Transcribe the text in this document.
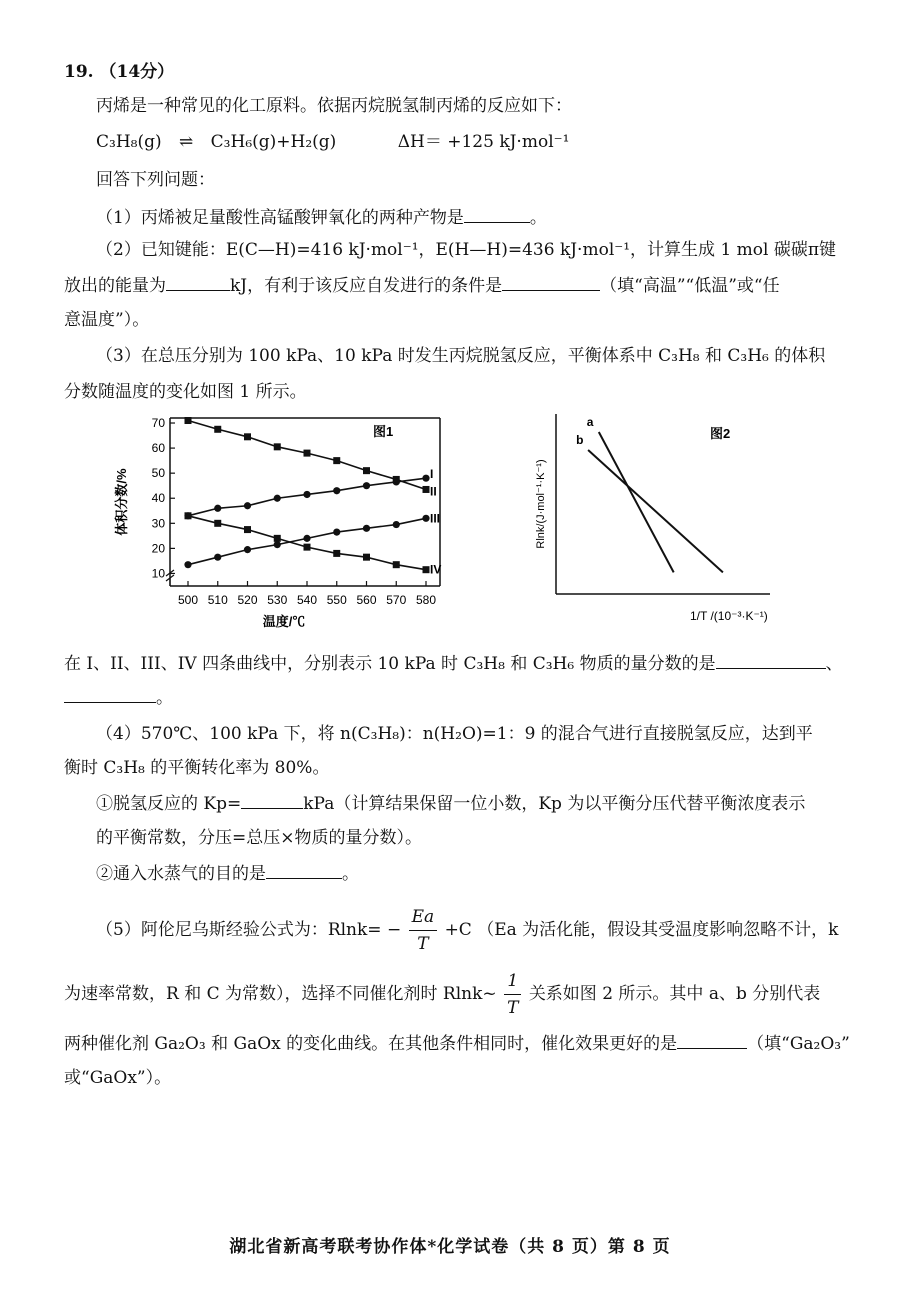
19. （14分）
丙烯是一种常见的化工原料。依据丙烷脱氢制丙烯的反应如下：
C₃H₈(g) ⇌ C₃H₆(g)+H₂(g)	ΔH＝ +125 kJ·mol⁻¹
回答下列问题：
（1）丙烯被足量酸性高锰酸钾氧化的两种产物是	。
（2）已知键能：E(C—H)=416 kJ·mol⁻¹，E(H—H)=436 kJ·mol⁻¹，计算生成 1 mol 碳碳π键
放出的能量为	kJ，有利于该反应自发进行的条件是	（填“高温”“低温”或“任
意温度”）。
（3）在总压分别为 100 kPa、10 kPa 时发生丙烷脱氢反应，平衡体系中 C₃H₈ 和 C₃H₆ 的体积
分数随温度的变化如图 1 所示。
10
20
30
40
50
60
70
500 510 520 530 540 550 560 570 580
I
II
III
IV
图1
温度/℃
体积分数/%
a
b	图2
1/T /(10⁻³·K⁻¹)
Rlnk/(J·mol⁻¹·K⁻¹)
在 I、II、III、IV 四条曲线中，分别表示 10 kPa 时 C₃H₈ 和 C₃H₆ 物质的量分数的是	、
。
（4）570℃、100 kPa 下，将 n(C₃H₈)：n(H₂O)=1：9 的混合气进行直接脱氢反应，达到平
衡时 C₃H₈ 的平衡转化率为 80%。
①脱氢反应的 Kp=	kPa（计算结果保留一位小数，Kp 为以平衡分压代替平衡浓度表示
的平衡常数，分压=总压×物质的量分数）。
②通入水蒸气的目的是	。
（5）阿伦尼乌斯经验公式为：$Rlnk= - \frac{Ea}{T} +C$ （Ea 为活化能，假设其受温度影响忽略不计，k
为速率常数，R 和 C 为常数），选择不同催化剂时 Rlnk~ $\frac{1}{T}$ 关系如图 2 所示。其中 a、b 分别代表
两种催化剂 Ga₂O₃ 和 GaOx 的变化曲线。在其他条件相同时，催化效果更好的是	（填“Ga₂O₃”
或“GaOx”）。
湖北省新高考联考协作体*化学试卷（共 8 页）第 8 页
